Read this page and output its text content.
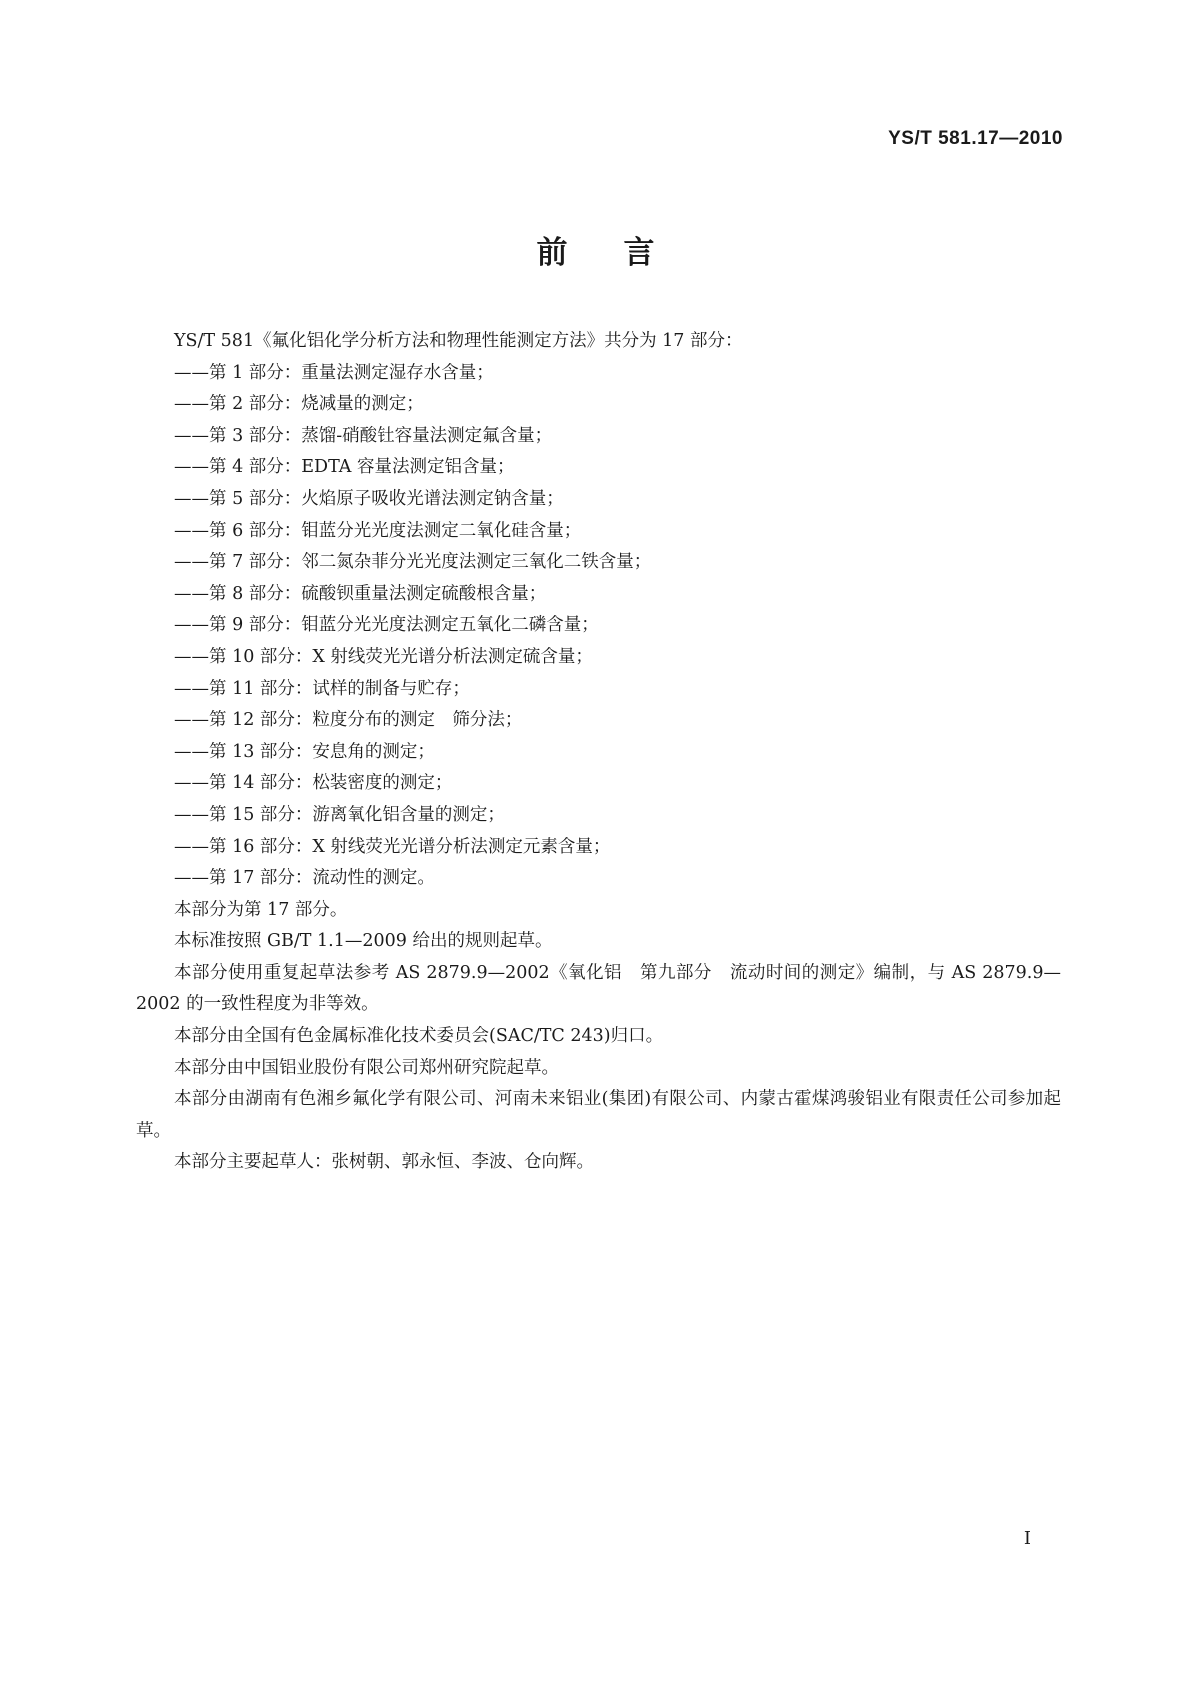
YS/T 581.17—2010
前言

YS/T 581《氟化铝化学分析方法和物理性能测定方法》共分为 17 部分：

——第 1 部分：重量法测定湿存水含量；

——第 2 部分：烧减量的测定；

——第 3 部分：蒸馏-硝酸钍容量法测定氟含量；

——第 4 部分：EDTA 容量法测定铝含量；

——第 5 部分：火焰原子吸收光谱法测定钠含量；

——第 6 部分：钼蓝分光光度法测定二氧化硅含量；

——第 7 部分：邻二氮杂菲分光光度法测定三氧化二铁含量；

——第 8 部分：硫酸钡重量法测定硫酸根含量；

——第 9 部分：钼蓝分光光度法测定五氧化二磷含量；

——第 10 部分：X 射线荧光光谱分析法测定硫含量；

——第 11 部分：试样的制备与贮存；

——第 12 部分：粒度分布的测定　筛分法；

——第 13 部分：安息角的测定；

——第 14 部分：松装密度的测定；

——第 15 部分：游离氧化铝含量的测定；

——第 16 部分：X 射线荧光光谱分析法测定元素含量；

——第 17 部分：流动性的测定。

本部分为第 17 部分。

本标准按照 GB/T 1.1—2009 给出的规则起草。

本部分使用重复起草法参考 AS 2879.9—2002《氧化铝　第九部分　流动时间的测定》编制，与 AS 2879.9—2002 的一致性程度为非等效。

本部分由全国有色金属标准化技术委员会(SAC/TC 243)归口。

本部分由中国铝业股份有限公司郑州研究院起草。

本部分由湖南有色湘乡氟化学有限公司、河南未来铝业(集团)有限公司、内蒙古霍煤鸿骏铝业有限责任公司参加起草。

本部分主要起草人：张树朝、郭永恒、李波、仓向辉。

I
